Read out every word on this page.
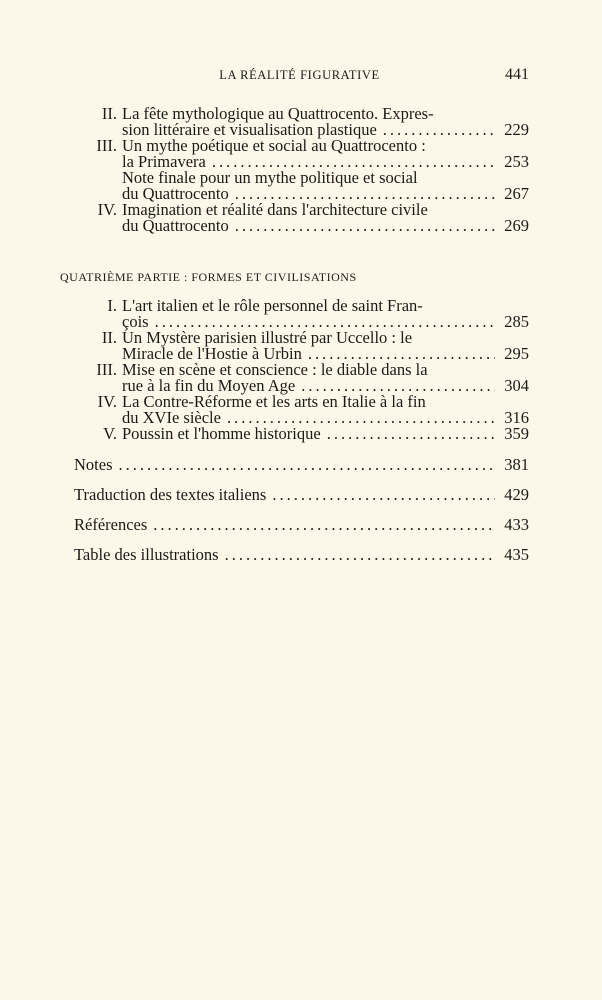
LA RÉALITÉ FIGURATIVE	441
II. La fête mythologique au Quattrocento. Expres-
sion littéraire et visualisation plastique .....	229
III. Un mythe poétique et social au Quattrocento :
la Primavera .....	253
Note finale pour un mythe politique et social
du Quattrocento .....	267
IV. Imagination et réalité dans l'architecture civile
du Quattrocento .....	269
QUATRIÈME PARTIE : FORMES ET CIVILISATIONS
I. L'art italien et le rôle personnel de saint Fran-
çois .....	285
II. Un Mystère parisien illustré par Uccello : le
Miracle de l'Hostie à Urbin .....	295
III. Mise en scène et conscience : le diable dans la
rue à la fin du Moyen Age .....	304
IV. La Contre-Réforme et les arts en Italie à la fin
du XVIe siècle .....	316
V. Poussin et l'homme historique .....	359
Notes .....	381
Traduction des textes italiens .....	429
Références .....	433
Table des illustrations .....	435
